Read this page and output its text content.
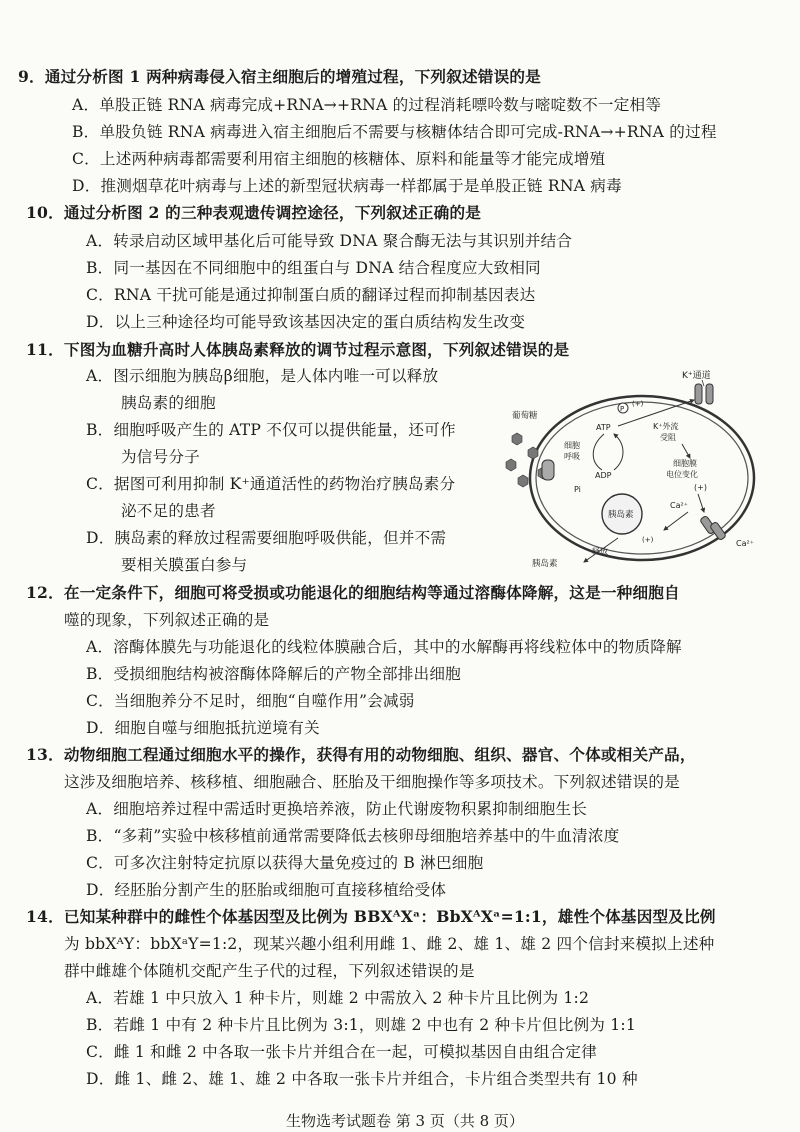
9．通过分析图 1 两种病毒侵入宿主细胞后的增殖过程，下列叙述错误的是
A．单股正链 RNA 病毒完成+RNA→+RNA 的过程消耗嘌呤数与嘧啶数不一定相等
B．单股负链 RNA 病毒进入宿主细胞后不需要与核糖体结合即可完成-RNA→+RNA 的过程
C．上述两种病毒都需要利用宿主细胞的核糖体、原料和能量等才能完成增殖
D．推测烟草花叶病毒与上述的新型冠状病毒一样都属于是单股正链 RNA 病毒
10．通过分析图 2 的三种表观遗传调控途径，下列叙述正确的是
A．转录启动区域甲基化后可能导致 DNA 聚合酶无法与其识别并结合
B．同一基因在不同细胞中的组蛋白与 DNA 结合程度应大致相同
C．RNA 干扰可能是通过抑制蛋白质的翻译过程而抑制基因表达
D．以上三种途径均可能导致该基因决定的蛋白质结构发生改变
11．下图为血糖升高时人体胰岛素释放的调节过程示意图，下列叙述错误的是
A．图示细胞为胰岛β细胞，是人体内唯一可以释放
胰岛素的细胞
B．细胞呼吸产生的 ATP 不仅可以提供能量，还可作
为信号分子
C．据图可利用抑制 K⁺通道活性的药物治疗胰岛素分
泌不足的患者
D．胰岛素的释放过程需要细胞呼吸供能，但并不需
要相关膜蛋白参与
K⁺通道
P
(+)
葡萄糖
细胞
呼吸
ATP
ADP
Pi
K⁺外流
受阻
细胞膜
电位变化
(+)
Ca²⁺
Ca²⁺
胰岛素
(+)
释放
胰岛素
12．在一定条件下，细胞可将受损或功能退化的细胞结构等通过溶酶体降解，这是一种细胞自
噬的现象，下列叙述正确的是
A．溶酶体膜先与功能退化的线粒体膜融合后，其中的水解酶再将线粒体中的物质降解
B．受损细胞结构被溶酶体降解后的产物全部排出细胞
C．当细胞养分不足时，细胞“自噬作用”会减弱
D．细胞自噬与细胞抵抗逆境有关
13．动物细胞工程通过细胞水平的操作，获得有用的动物细胞、组织、器官、个体或相关产品，
这涉及细胞培养、核移植、细胞融合、胚胎及干细胞操作等多项技术。下列叙述错误的是
A．细胞培养过程中需适时更换培养液，防止代谢废物积累抑制细胞生长
B．“多莉”实验中核移植前通常需要降低去核卵母细胞培养基中的牛血清浓度
C．可多次注射特定抗原以获得大量免疫过的 B 淋巴细胞
D．经胚胎分割产生的胚胎或细胞可直接移植给受体
14．已知某种群中的雌性个体基因型及比例为 BBXᴬXᵃ：BbXᴬXᵃ=1:1，雄性个体基因型及比例
为 bbXᴬY：bbXᵃY=1:2，现某兴趣小组利用雌 1、雌 2、雄 1、雄 2 四个信封来模拟上述种
群中雌雄个体随机交配产生子代的过程，下列叙述错误的是
A．若雄 1 中只放入 1 种卡片，则雄 2 中需放入 2 种卡片且比例为 1:2
B．若雌 1 中有 2 种卡片且比例为 3:1，则雄 2 中也有 2 种卡片但比例为 1:1
C．雌 1 和雌 2 中各取一张卡片并组合在一起，可模拟基因自由组合定律
D．雌 1、雌 2、雄 1、雄 2 中各取一张卡片并组合，卡片组合类型共有 10 种
生物选考试题卷 第 3 页（共 8 页）
